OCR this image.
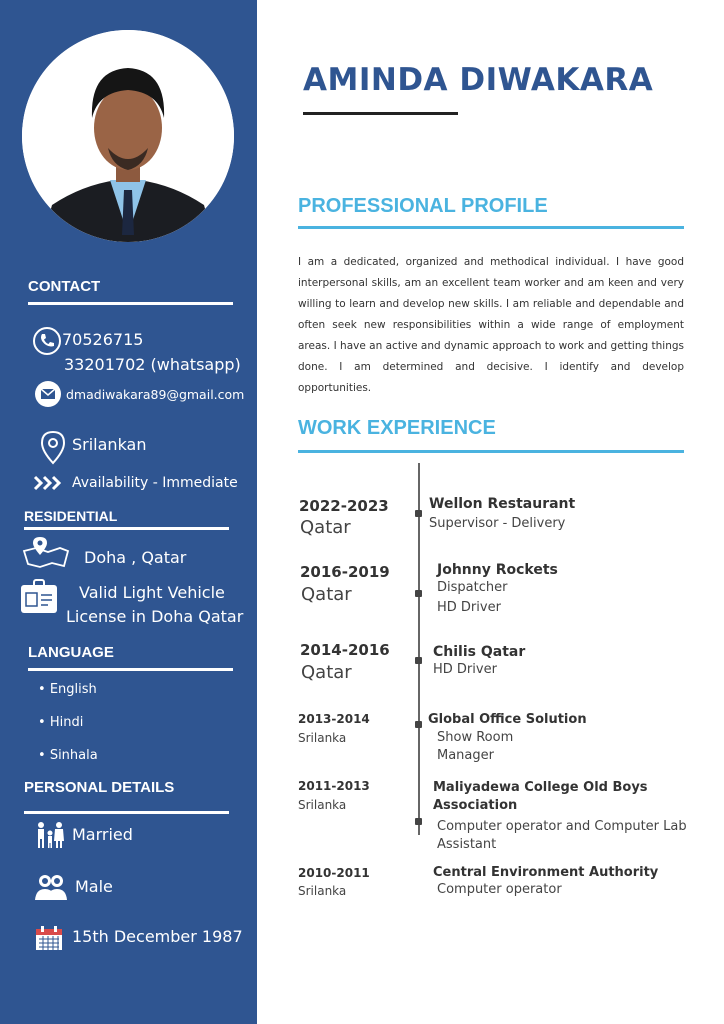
CONTACT
70526715
33201702 (whatsapp)
dmadiwakara89@gmail.com
Srilankan
Availability - Immediate
RESIDENTIAL
Doha , Qatar
Valid Light Vehicle
License in Doha Qatar
LANGUAGE
• English
• Hindi
• Sinhala
PERSONAL DETAILS
Married
Male
15th December 1987
AMINDA DIWAKARA
PROFESSIONAL PROFILE
I am a dedicated, organized and methodical individual. I have good interpersonal skills, am an excellent team worker and am keen and very willing to learn and develop new skills. I am reliable and dependable and often seek new responsibilities within a wide range of employment areas. I have an active and dynamic approach to work and getting things done. I am determined and decisive. I identify and develop opportunities.
WORK EXPERIENCE
2022-2023
Qatar
Wellon Restaurant
Supervisor - Delivery
2016-2019
Qatar
Johnny Rockets
Dispatcher
HD Driver
2014-2016
Qatar
Chilis Qatar
HD Driver
2013-2014
Srilanka
Global Office Solution
Show Room
Manager
2011-2013
Srilanka
Maliyadewa College Old Boys
Association
Computer operator and Computer Lab
Assistant
2010-2011
Srilanka
Central Environment Authority
Computer operator
